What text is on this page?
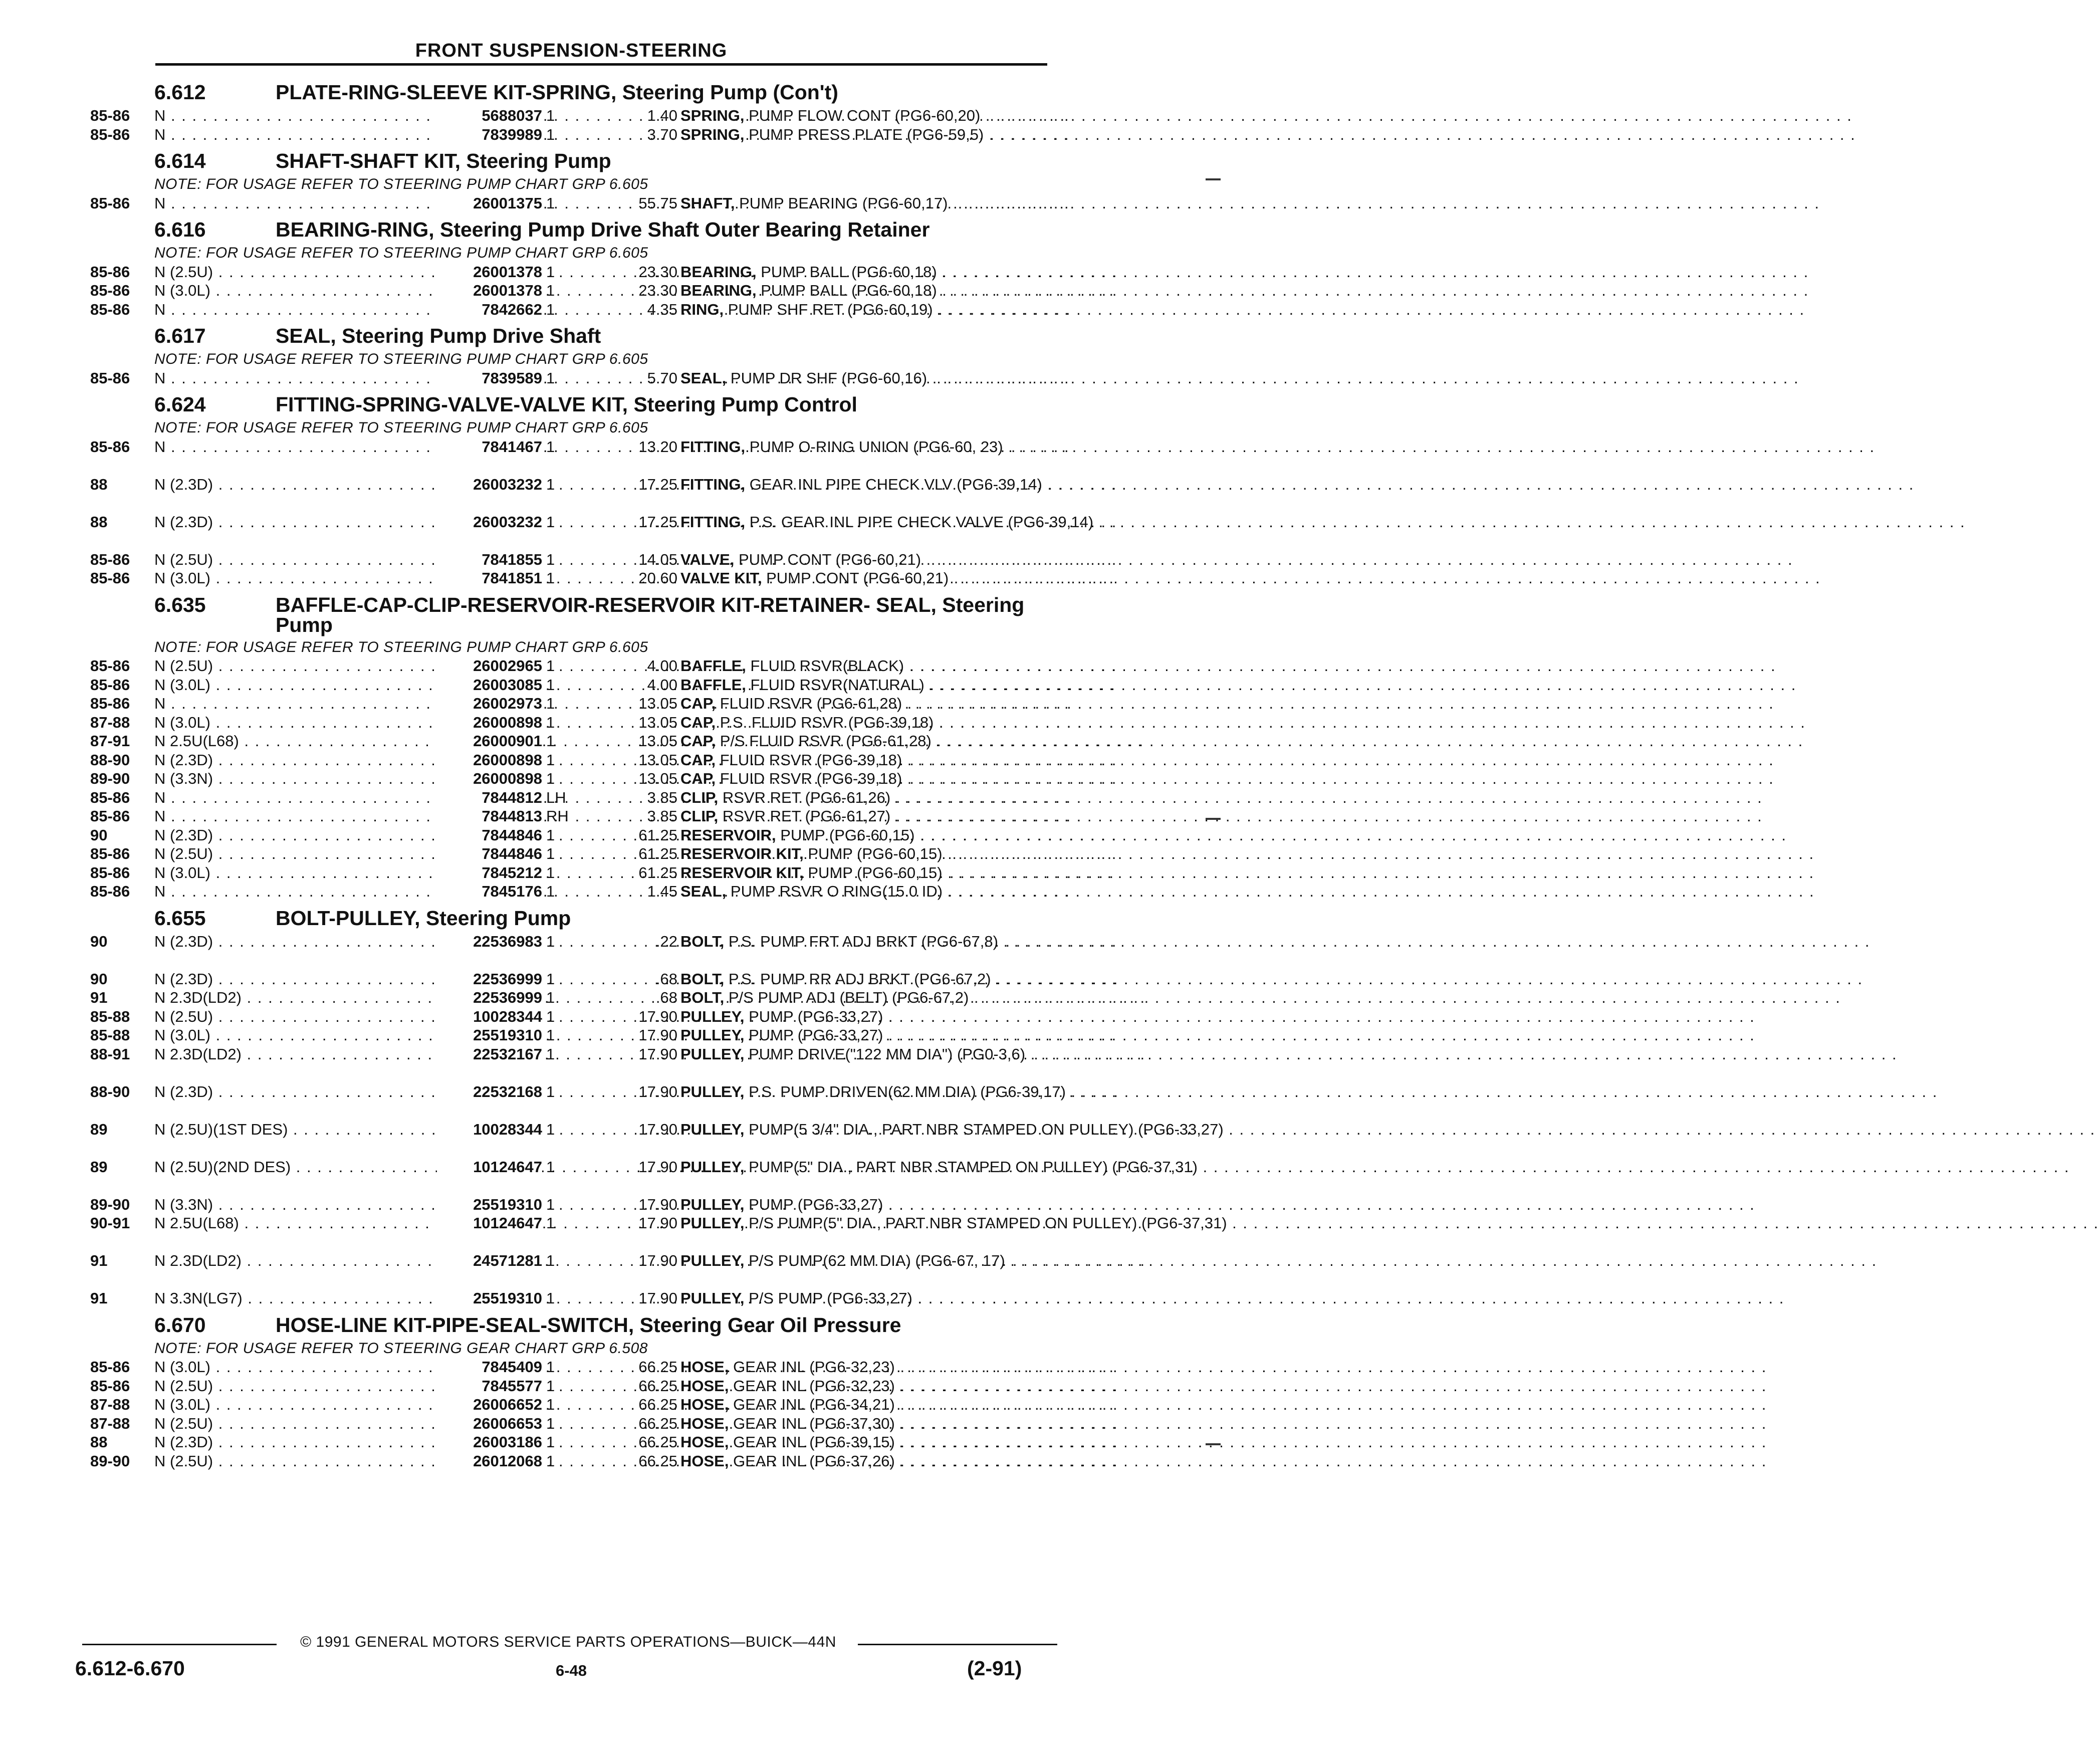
FRONT SUSPENSION-STEERING
6.612	PLATE-RING-SLEEVE KIT-SPRING, Steering Pump (Con't)
85-86	N . . .	5688037 1	1.40 SPRING, PUMP FLOW CONT (PG6-60,20) . . .
85-86	N . . .	7839989 1	3.70 SPRING, PUMP PRESS PLATE (PG6-59,5) . . .
6.614	SHAFT-SHAFT KIT, Steering Pump
NOTE: FOR USAGE REFER TO STEERING PUMP CHART GRP 6.605
85-86	N . . .	26001375 1	55.75 SHAFT, PUMP BEARING (PG6-60,17) . . .
6.616	BEARING-RING, Steering Pump Drive Shaft Outer Bearing Retainer
NOTE: FOR USAGE REFER TO STEERING PUMP CHART GRP 6.605
85-86	N (2.5U) . . .	26001378 1	23.30 BEARING, PUMP BALL (PG6-60,18) . . .
85-86	N (3.0L) . . .	26001378 1	23.30 BEARING, PUMP BALL (PG6-60,18) . . .
85-86	N . . .	7842662 1	4.35 RING, PUMP SHF RET (PG6-60,19) . . .
6.617	SEAL, Steering Pump Drive Shaft
NOTE: FOR USAGE REFER TO STEERING PUMP CHART GRP 6.605
85-86	N . . .	7839589 1	5.70 SEAL, PUMP DR SHF (PG6-60,16) . . .
6.624	FITTING-SPRING-VALVE-VALVE KIT, Steering Pump Control
NOTE: FOR USAGE REFER TO STEERING PUMP CHART GRP 6.605
85-86	N . . .	7841467 1	13.20 FITTING, PUMP O-RING UNION (PG6-60, 23) . . .
88	N (2.3D) . . .	26003232 1	17.25 FITTING, GEAR INL PIPE CHECK VLV (PG6-39,14) . . .
88	N (2.3D) . . .	26003232 1	17.25 FITTING, P.S. GEAR INL PIPE CHECK VALVE (PG6-39,14) . . .
85-86	N (2.5U) . . .	7841855 1	14.05 VALVE, PUMP CONT (PG6-60,21) . . .
85-86	N (3.0L) . . .	7841851 1	20.60 VALVE KIT, PUMP CONT (PG6-60,21) . . .
6.635	BAFFLE-CAP-CLIP-RESERVOIR-RESERVOIR KIT-RETAINER- SEAL, Steering Pump
NOTE: FOR USAGE REFER TO STEERING PUMP CHART GRP 6.605
85-86	N (2.5U) . . .	26002965 1	4.00 BAFFLE, FLUID RSVR(BLACK) . . .
85-86	N (3.0L) . . .	26003085 1	4.00 BAFFLE, FLUID RSVR(NATURAL) . . .
85-86	N . . .	26002973 1	13.05 CAP, FLUID RSVR (PG6-61,28) . . .
87-88	N (3.0L) . . .	26000898 1	13.05 CAP, P.S. FLUID RSVR (PG6-39,18) . . .
87-91	N 2.5U(L68) . . .	26000901 1	13.05 CAP, P/S FLUID RSVR (PG6-61,28) . . .
88-90	N (2.3D) . . .	26000898 1	13.05 CAP, FLUID RSVR (PG6-39,18) . . .
89-90	N (3.3N) . . .	26000898 1	13.05 CAP, FLUID RSVR (PG6-39,18) . . .
85-86	N . . .	7844812 LH	3.85 CLIP, RSVR RET (PG6-61,26) . . .
85-86	N . . .	7844813 RH	3.85 CLIP, RSVR RET (PG6-61,27) . . .
90	N (2.3D) . . .	7844846 1	61.25 RESERVOIR, PUMP (PG6-60,15) . . .
85-86	N (2.5U) . . .	7844846 1	61.25 RESERVOIR KIT, PUMP (PG6-60,15) . . .
85-86	N (3.0L) . . .	7845212 1	61.25 RESERVOIR KIT, PUMP (PG6-60,15) . . .
85-86	N . . .	7845176 1	1.45 SEAL, PUMP RSVR O RING(15.0 ID) . . .
6.655	BOLT-PULLEY, Steering Pump
90	N (2.3D) . . .	22536983 1	.22 BOLT, P.S. PUMP FRT ADJ BRKT (PG6-67,8) . . .
90	N (2.3D) . . .	22536999 1	.68 BOLT, P.S. PUMP RR ADJ BRKT (PG6-67,2) . . .
91	N 2.3D(LD2) . . .	22536999 1	.68 BOLT, P/S PUMP ADJ (BELT) (PG6-67,2) . . .
85-88	N (2.5U) . . .	10028344 1	17.90 PULLEY, PUMP (PG6-33,27) . . .
85-88	N (3.0L) . . .	25519310 1	17.90 PULLEY, PUMP (PG6-33,27) . . .
88-91	N 2.3D(LD2) . . .	22532167 1	17.90 PULLEY, PUMP DRIVE("122 MM DIA") (PG0-3,6) . . .
88-90	N (2.3D) . . .	22532168 1	17.90 PULLEY, P.S. PUMP DRIVEN(62 MM DIA) (PG6-39,17) . . .
89	N (2.5U)(1ST DES) . . .	10028344 1	17.90 PULLEY, PUMP(5 3/4" DIA., PART NBR STAMPED ON PULLEY) (PG6-33,27) . . .
89	N (2.5U)(2ND DES) . . .	10124647 1	17.90 PULLEY, PUMP(5" DIA., PART NBR STAMPED ON PULLEY) (PG6-37,31) . . .
89-90	N (3.3N) . . .	25519310 1	17.90 PULLEY, PUMP (PG6-33,27) . . .
90-91	N 2.5U(L68) . . .	10124647 1	17.90 PULLEY, P/S PUMP(5" DIA., PART NBR STAMPED ON PULLEY) (PG6-37,31) . . .
91	N 2.3D(LD2) . . .	24571281 1	17.90 PULLEY, P/S PUMP(62 MM DIA) (PG6-67, 17) . . .
91	N 3.3N(LG7) . . .	25519310 1	17.90 PULLEY, P/S PUMP (PG6-33,27) . . .
6.670	HOSE-LINE KIT-PIPE-SEAL-SWITCH, Steering Gear Oil Pressure
NOTE: FOR USAGE REFER TO STEERING GEAR CHART GRP 6.508
85-86	N (3.0L) . . .	7845409 1	66.25 HOSE, GEAR INL (PG6-32,23) . . .
85-86	N (2.5U) . . .	7845577 1	66.25 HOSE, GEAR INL (PG6-32,23) . . .
87-88	N (3.0L) . . .	26006652 1	66.25 HOSE, GEAR INL (PG6-34,21) . . .
87-88	N (2.5U) . . .	26006653 1	66.25 HOSE, GEAR INL (PG6-37,30) . . .
88	N (2.3D) . . .	26003186 1	66.25 HOSE, GEAR INL (PG6-39,15) . . .
89-90	N (2.5U) . . .	26012068 1	66.25 HOSE, GEAR INL (PG6-37,26) . . .
© 1991 GENERAL MOTORS SERVICE PARTS OPERATIONS—BUICK—44N
6.612-6.670	6-48	(2-91)
